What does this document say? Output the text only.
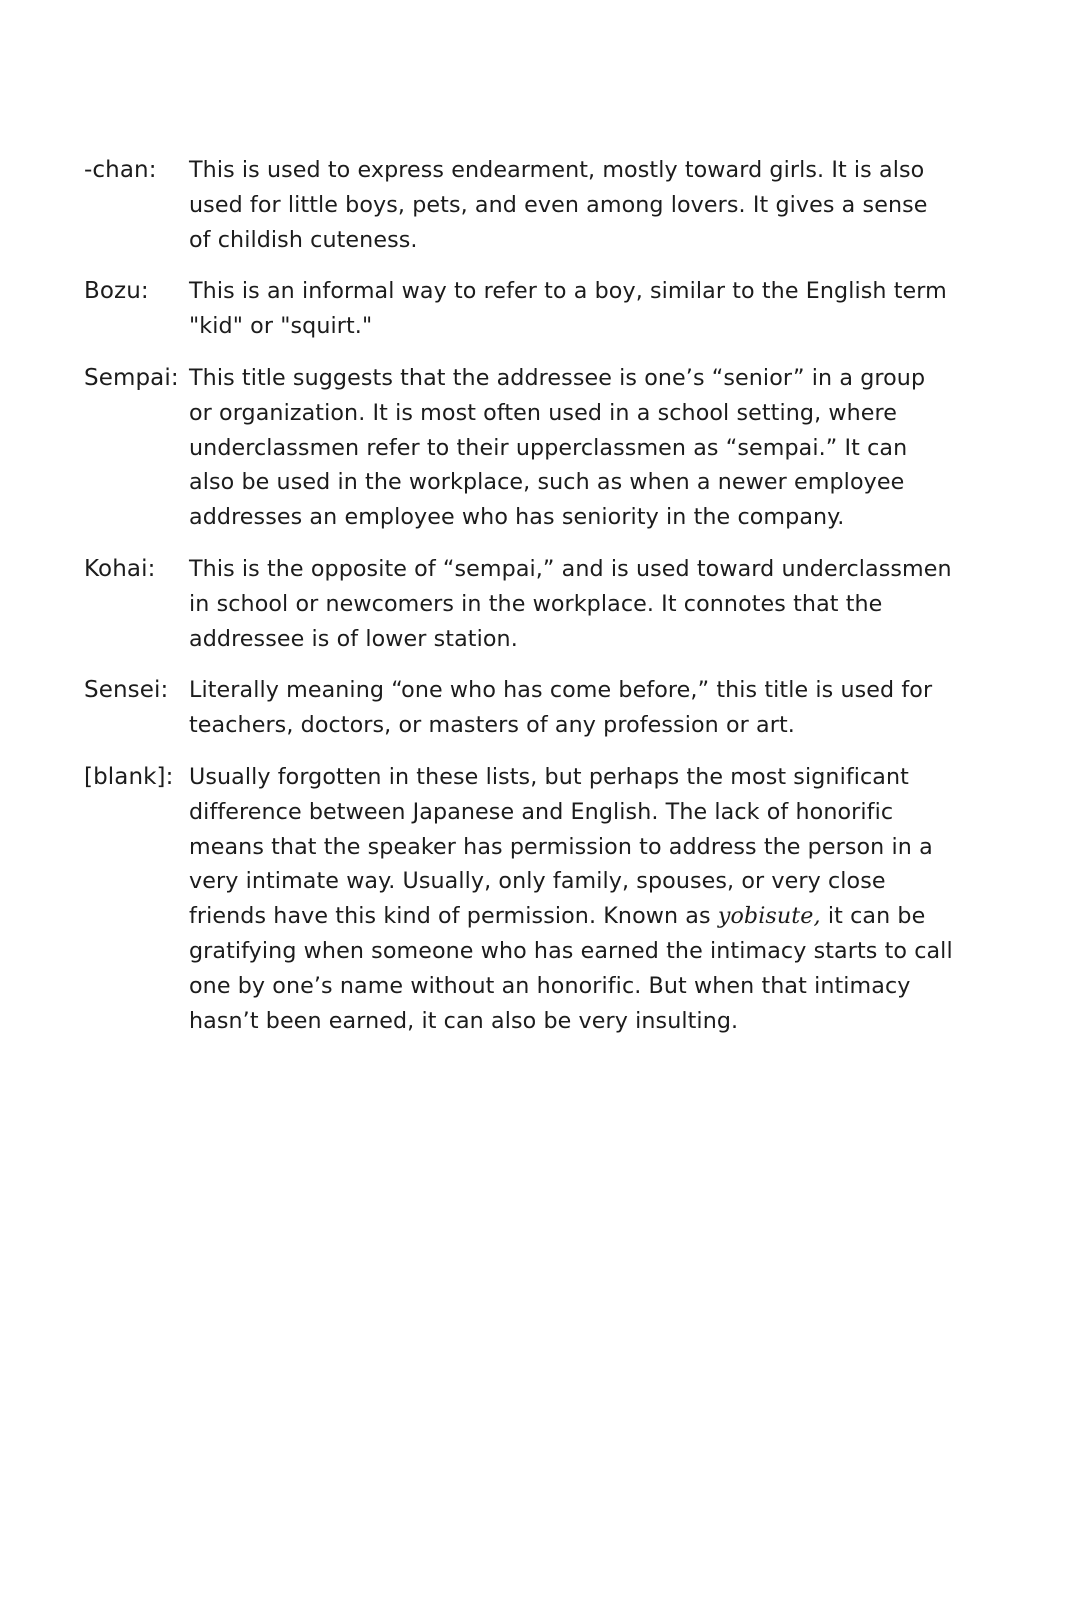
-chan:	This is used to express endearment, mostly toward girls. It is also used for little boys, pets, and even among lovers. It gives a sense of childish cuteness.
Bozu:	This is an informal way to refer to a boy, similar to the English term "kid" or "squirt."
Sempai: This title suggests that the addressee is one’s “senior” in a group or organization. It is most often used in a school setting, where underclassmen refer to their upperclassmen as “sempai.” It can also be used in the workplace, such as when a newer employee addresses an employee who has seniority in the company.
Kohai:	This is the opposite of “sempai,” and is used toward underclassmen in school or newcomers in the workplace. It connotes that the addressee is of lower station.
Sensei: Literally meaning “one who has come before,” this title is used for teachers, doctors, or masters of any profession or art.
[blank]: Usually forgotten in these lists, but perhaps the most significant difference between Japanese and English. The lack of honorific means that the speaker has permission to address the person in a very intimate way. Usually, only family, spouses, or very close friends have this kind of permission. Known as yobisute, it can be gratifying when someone who has earned the intimacy starts to call one by one’s name without an honorific. But when that intimacy hasn’t been earned, it can also be very insulting.
